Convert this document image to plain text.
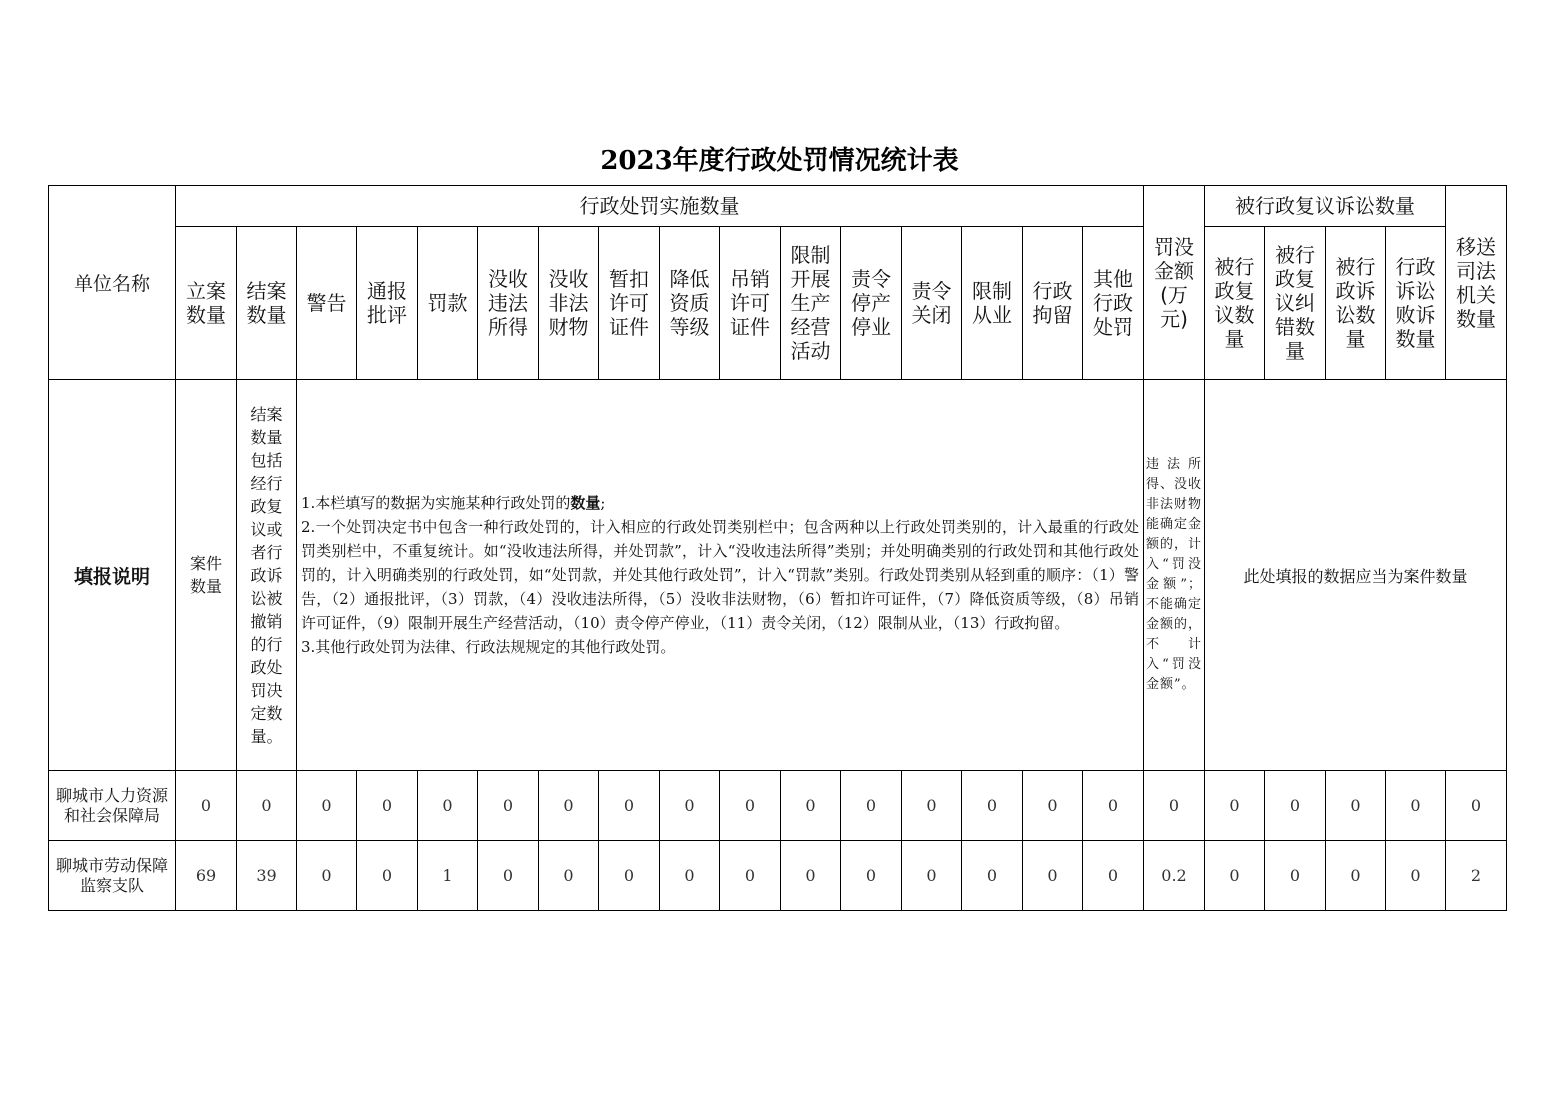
2023年度行政处罚情况统计表
单位名称	行政处罚实施数量																罚没金额(万元)	被行政复议诉讼数量				移送司法机关数量
	立案数量	结案数量	警告	通报批评	罚款	没收违法所得	没收非法财物	暂扣许可证件	降低资质等级	吊销许可证件	限制开展生产经营活动	责令停产停业	责令关闭	限制从业	行政拘留	其他行政处罚		被行政复议数量	被行政复议纠错数量	被行政诉讼数量	行政诉讼败诉数量	
填报说明	案件数量	结案数量包括经行政复议或者行政诉讼被撤销的行政处罚决定数量。	1.本栏填写的数据为实施某种行政处罚的数量;
2.一个处罚决定书中包含一种行政处罚的，计入相应的行政处罚类别栏中；包含两种以上行政处罚类别的，计入最重的行政处罚类别栏中，不重复统计。如“没收违法所得，并处罚款”，计入“没收违法所得”类别；并处明确类别的行政处罚和其他行政处罚的，计入明确类别的行政处罚，如“处罚款，并处其他行政处罚”，计入“罚款”类别。行政处罚类别从轻到重的顺序：（1）警告，（2）通报批评，（3）罚款，（4）没收违法所得，（5）没收非法财物，（6）暂扣许可证件，（7）降低资质等级，（8）吊销许可证件，（9）限制开展生产经营活动，（10）责令停产停业，（11）责令关闭，（12）限制从业，（13）行政拘留。
3.其他行政处罚为法律、行政法规规定的其他行政处罚。														违法所得、没收非法财物能确定金额的，计入“罚没金额”；不能确定金额的，不计入“罚没金额”。	此处填报的数据应当为案件数量				
聊城市人力资源和社会保障局	0	0	0	0	0	0	0	0	0	0	0	0	0	0	0	0	0	0	0	0	0	0
聊城市劳动保障监察支队	69	39	0	0	1	0	0	0	0	0	0	0	0	0	0	0	0.2	0	0	0	0	2
